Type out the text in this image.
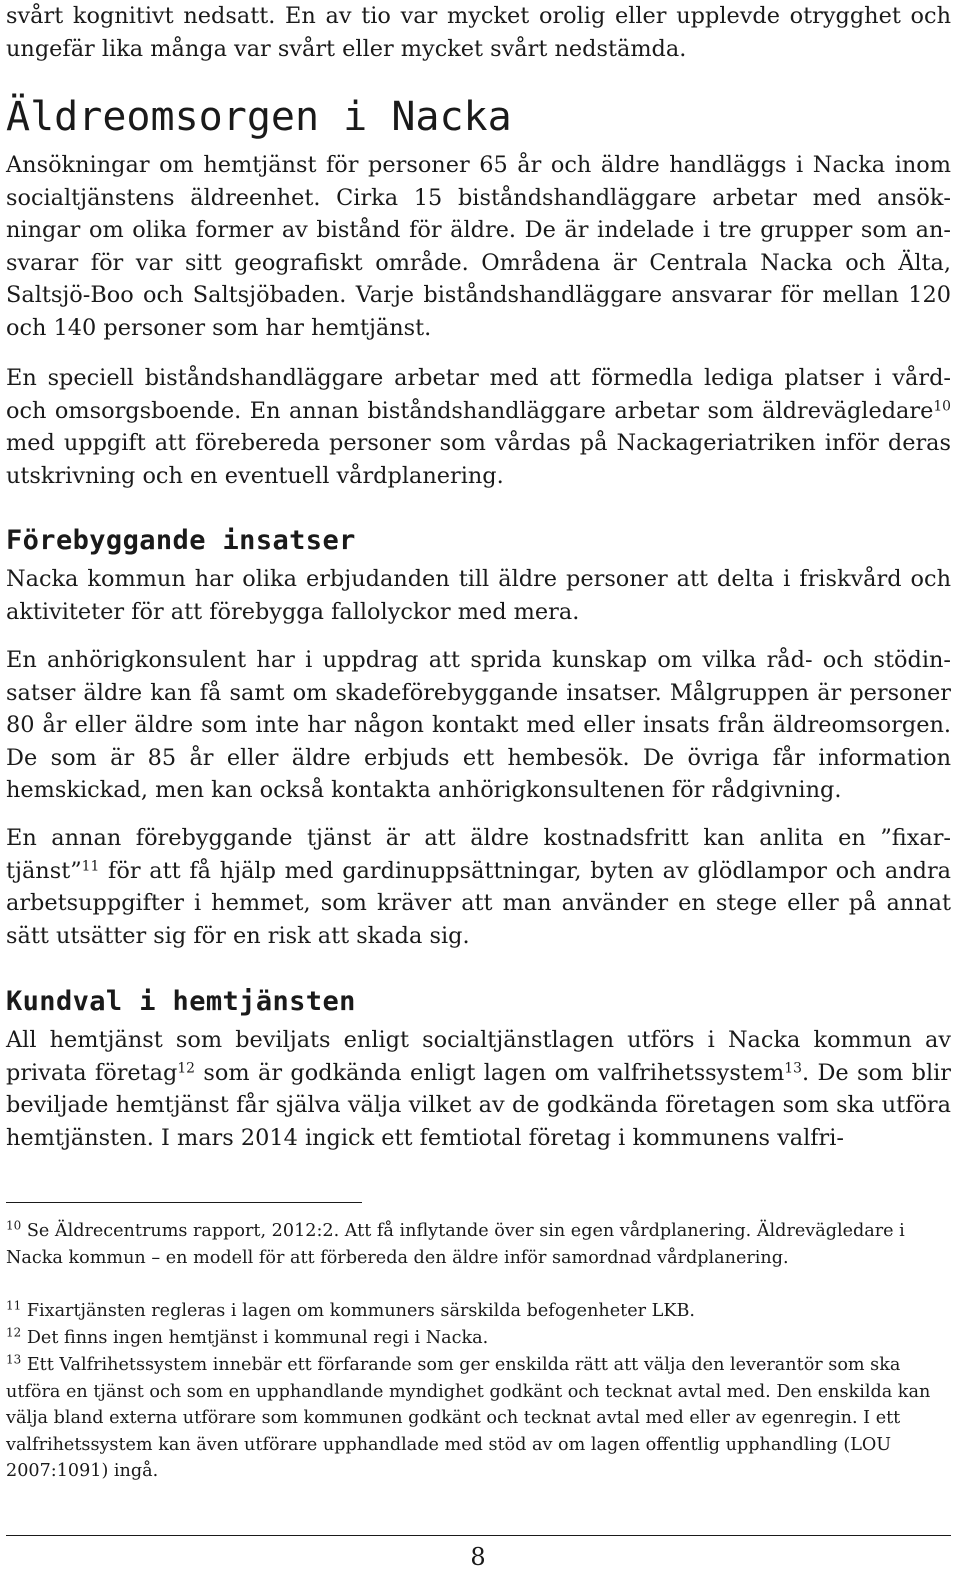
svårt kognitivt nedsatt. En av tio var mycket orolig eller upplevde otrygghet och ungefär lika många var svårt eller mycket svårt nedstämda.

Äldreomsorgen i Nacka

Ansökningar om hemtjänst för personer 65 år och äldre handläggs i Nacka inom socialtjänstens äldreenhet. Cirka 15 biståndshandläggare arbetar med ansökningar om olika former av bistånd för äldre. De är indelade i tre grupper som ansvarar för var sitt geografiskt område. Områdena är Centrala Nacka och Älta, Saltsjö-Boo och Saltsjöbaden. Varje biståndshandläggare ansvarar för mellan 120 och 140 personer som har hemtjänst.

En speciell biståndshandläggare arbetar med att förmedla lediga platser i vård- och omsorgsboende. En annan biståndshandläggare arbetar som äldrevägledare$^{10}$ med uppgift att förebereda personer som vårdas på Nackageriatriken inför deras utskrivning och en eventuell vårdplanering.

Förebyggande insatser

Nacka kommun har olika erbjudanden till äldre personer att delta i friskvård och aktiviteter för att förebygga fallolyckor med mera.

En anhörigkonsulent har i uppdrag att sprida kunskap om vilka råd- och stödinsatser äldre kan få samt om skadeförebyggande insatser. Målgruppen är personer 80 år eller äldre som inte har någon kontakt med eller insats från äldreomsorgen. De som är 85 år eller äldre erbjuds ett hembesök. De övriga får information hemskickad, men kan också kontakta anhörigkonsultenen för rådgivning.

En annan förebyggande tjänst är att äldre kostnadsfritt kan anlita en ”fixartjänst”$^{11}$ för att få hjälp med gardinuppsättningar, byten av glödlampor och andra arbetsuppgifter i hemmet, som kräver att man använder en stege eller på annat sätt utsätter sig för en risk att skada sig.

Kundval i hemtjänsten

All hemtjänst som beviljats enligt socialtjänstlagen utförs i Nacka kommun av privata företag$^{12}$ som är godkända enligt lagen om valfrihetssystem$^{13}$. De som blir beviljade hemtjänst får själva välja vilket av de godkända företagen som ska utföra hemtjänsten. I mars 2014 ingick ett femtiotal företag i kommunens valfri-

$^{10}$ Se Äldrecentrums rapport, 2012:2. Att få inflytande över sin egen vårdplanering. Äldrevägledare i Nacka kommun – en modell för att förbereda den äldre inför samordnad vårdplanering.

$^{11}$ Fixartjänsten regleras i lagen om kommuners särskilda befogenheter LKB.

$^{12}$ Det finns ingen hemtjänst i kommunal regi i Nacka.

$^{13}$ Ett Valfrihetssystem innebär ett förfarande som ger enskilda rätt att välja den leverantör som ska utföra en tjänst och som en upphandlande myndighet godkänt och tecknat avtal med. Den enskilda kan välja bland externa utförare som kommunen godkänt och tecknat avtal med eller av egenregin. I ett valfrihetssystem kan även utförare upphandlade med stöd av om lagen offentlig upphandling (LOU 2007:1091) ingå.

8
